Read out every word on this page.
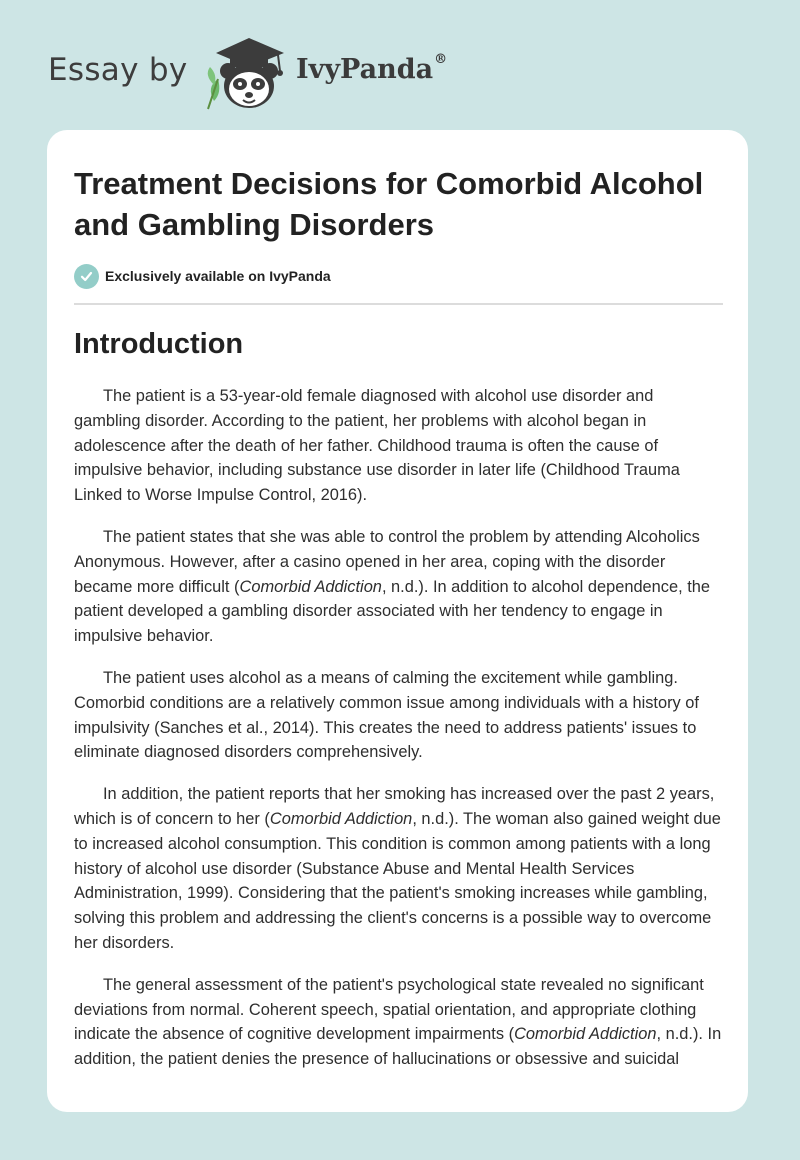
Essay by	IvyPanda®
Treatment Decisions for Comorbid Alcohol and Gambling Disorders
Exclusively available on IvyPanda
Introduction

The patient is a 53-year-old female diagnosed with alcohol use disorder and gambling disorder. According to the patient, her problems with alcohol began in adolescence after the death of her father. Childhood trauma is often the cause of impulsive behavior, including substance use disorder in later life (Childhood Trauma Linked to Worse Impulse Control, 2016).

The patient states that she was able to control the problem by attending Alcoholics Anonymous. However, after a casino opened in her area, coping with the disorder became more difficult (Comorbid Addiction, n.d.). In addition to alcohol dependence, the patient developed a gambling disorder associated with her tendency to engage in impulsive behavior.

The patient uses alcohol as a means of calming the excitement while gambling. Comorbid conditions are a relatively common issue among individuals with a history of impulsivity (Sanches et al., 2014). This creates the need to address patients' issues to eliminate diagnosed disorders comprehensively.

In addition, the patient reports that her smoking has increased over the past 2 years, which is of concern to her (Comorbid Addiction, n.d.). The woman also gained weight due to increased alcohol consumption. This condition is common among patients with a long history of alcohol use disorder (Substance Abuse and Mental Health Services Administration, 1999). Considering that the patient's smoking increases while gambling, solving this problem and addressing the client's concerns is a possible way to overcome her disorders.

The general assessment of the patient's psychological state revealed no significant deviations from normal. Coherent speech, spatial orientation, and appropriate clothing indicate the absence of cognitive development impairments (Comorbid Addiction, n.d.). In addition, the patient denies the presence of hallucinations or obsessive and suicidal
